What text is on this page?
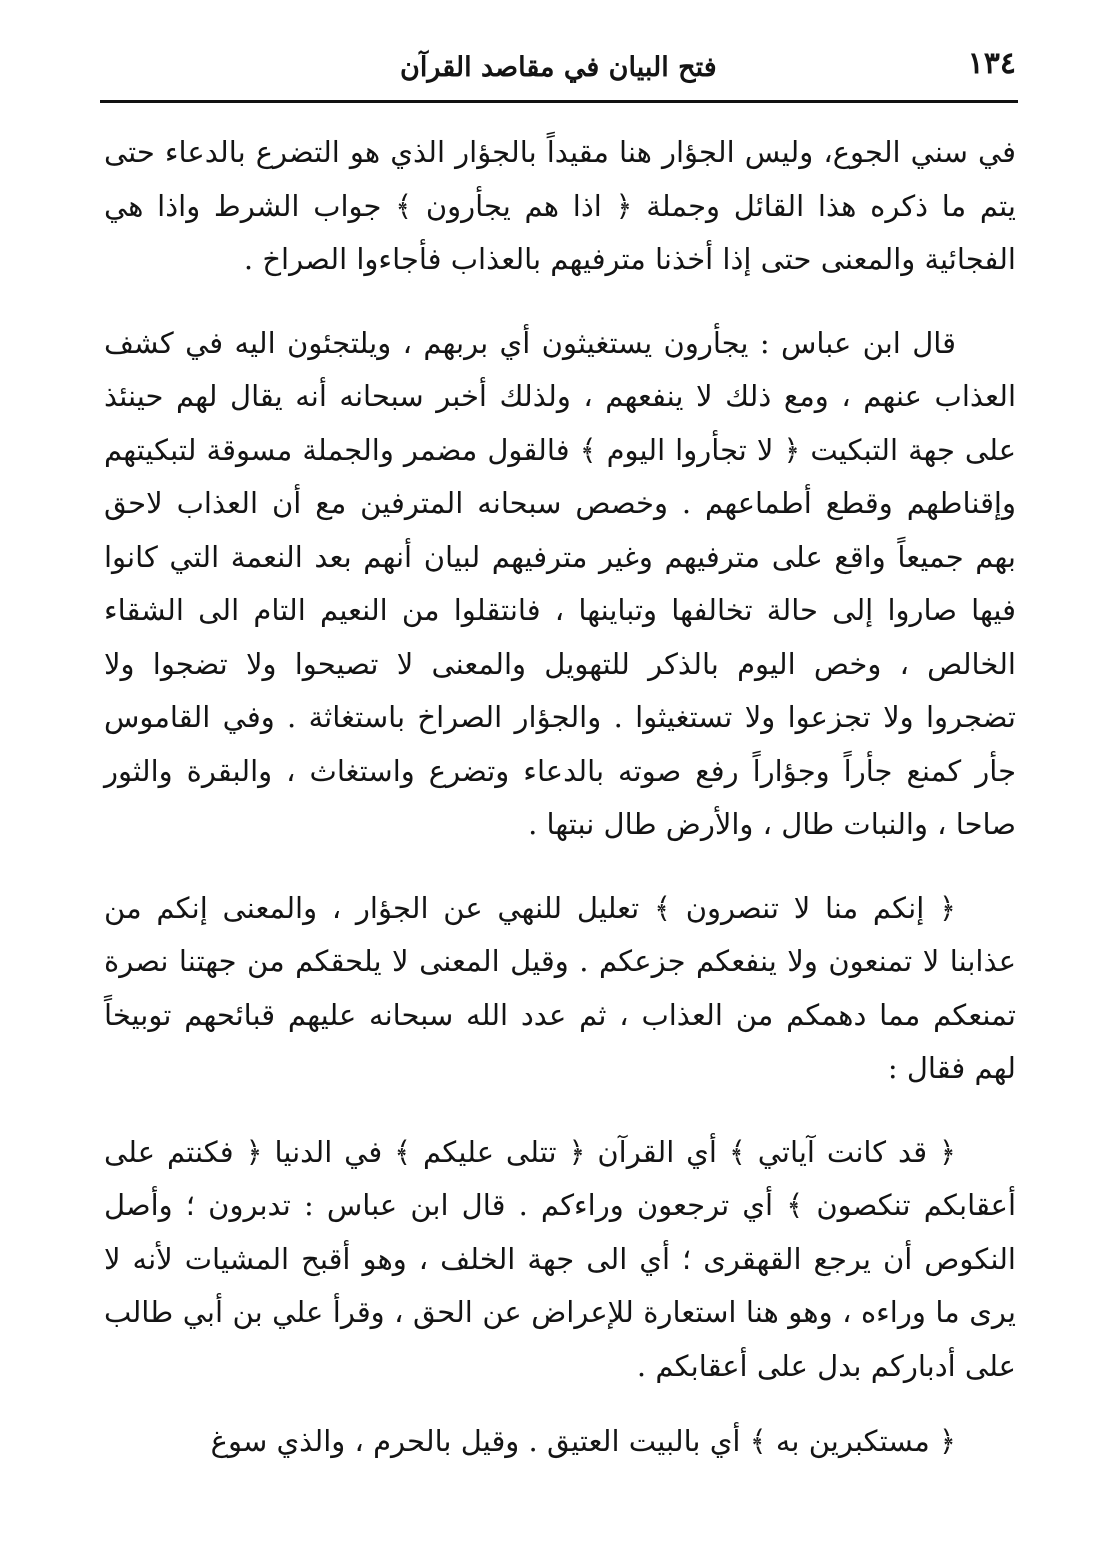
١٣٤
فتح البيان في مقاصد القرآن

في سني الجوع، وليس الجؤار هنا مقيداً بالجؤار الذي هو التضرع بالدعاء حتى يتم ما ذكره هذا القائل وجملة ﴿ اذا هم يجأرون ﴾ جواب الشرط واذا هي الفجائية والمعنى حتى إذا أخذنا مترفيهم بالعذاب فأجاءوا الصراخ .

قال ابن عباس : يجأرون يستغيثون أي بربهم ، ويلتجئون اليه في كشف العذاب عنهم ، ومع ذلك لا ينفعهم ، ولذلك أخبر سبحانه أنه يقال لهم حينئذ على جهة التبكيت ﴿ لا تجأروا اليوم ﴾ فالقول مضمر والجملة مسوقة لتبكيتهم وإقناطهم وقطع أطماعهم . وخصص سبحانه المترفين مع أن العذاب لاحق بهم جميعاً واقع على مترفيهم وغير مترفيهم لبيان أنهم بعد النعمة التي كانوا فيها صاروا إلى حالة تخالفها وتباينها ، فانتقلوا من النعيم التام الى الشقاء الخالص ، وخص اليوم بالذكر للتهويل والمعنى لا تصيحوا ولا تضجوا ولا تضجروا ولا تجزعوا ولا تستغيثوا . والجؤار الصراخ باستغاثة . وفي القاموس جأر كمنع جأراً وجؤاراً رفع صوته بالدعاء وتضرع واستغاث ، والبقرة والثور صاحا ، والنبات طال ، والأرض طال نبتها .

﴿ إنكم منا لا تنصرون ﴾ تعليل للنهي عن الجؤار ، والمعنى إنكم من عذابنا لا تمنعون ولا ينفعكم جزعكم . وقيل المعنى لا يلحقكم من جهتنا نصرة تمنعكم مما دهمكم من العذاب ، ثم عدد الله سبحانه عليهم قبائحهم توبيخاً لهم فقال :

﴿ قد كانت آياتي ﴾ أي القرآن ﴿ تتلى عليكم ﴾ في الدنيا ﴿ فكنتم على أعقابكم تنكصون ﴾ أي ترجعون وراءكم . قال ابن عباس : تدبرون ؛ وأصل النكوص أن يرجع القهقرى ؛ أي الى جهة الخلف ، وهو أقبح المشيات لأنه لا يرى ما وراءه ، وهو هنا استعارة للإعراض عن الحق ، وقرأ علي بن أبي طالب على أدباركم بدل على أعقابكم .

﴿ مستكبرين به ﴾ أي بالبيت العتيق . وقيل بالحرم ، والذي سوغ
